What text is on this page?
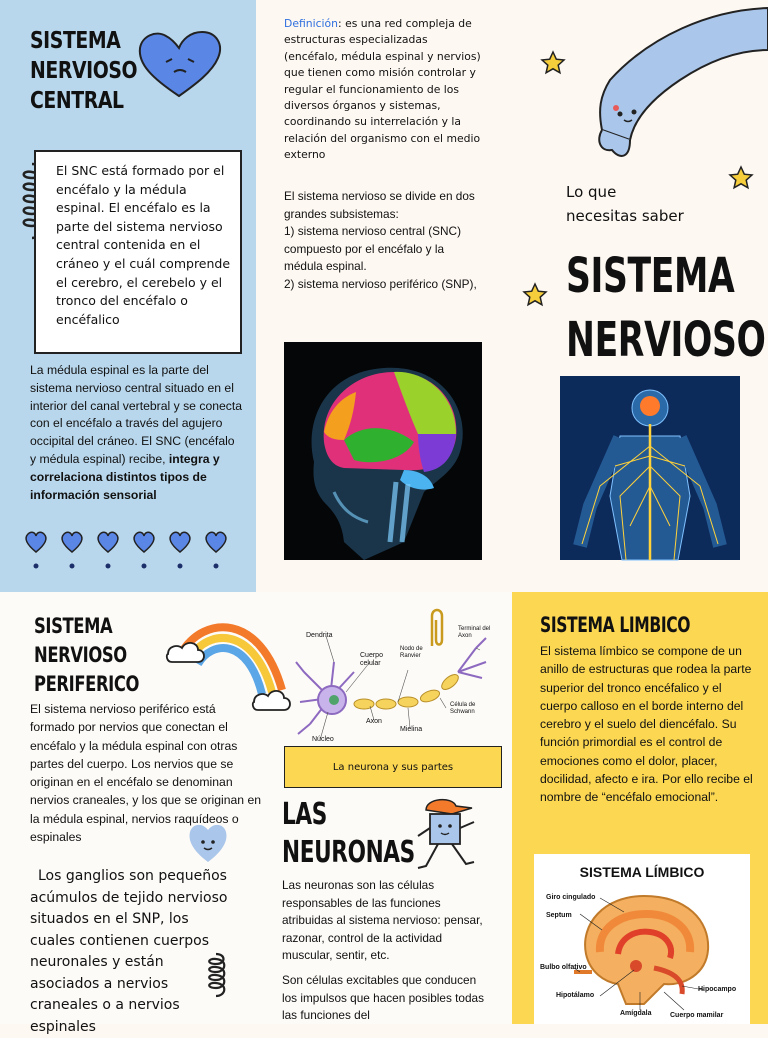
SISTEMA
NERVIOSO
CENTRAL
El SNC está formado por el encéfalo y la médula espinal. El encéfalo es la parte del sistema nervioso central contenida en el cráneo y el cuál comprende el cerebro, el cerebelo y el tronco del encéfalo o encéfalico
La médula espinal es la parte del sistema nervioso central situado en el interior del canal vertebral y se conecta con el encéfalo a través del agujero occipital del cráneo. El SNC (encéfalo y médula espinal) recibe, integra y correlaciona distintos tipos de información sensorial
Definición: es una red compleja de estructuras especializadas (encéfalo, médula espinal y nervios) que tienen como misión controlar y regular el funcionamiento de los diversos órganos y sistemas, coordinando su interrelación y la relación del organismo con el medio externo
El sistema nervioso se divide en dos grandes subsistemas:
1) sistema nervioso central (SNC) compuesto por el encéfalo y la médula espinal.
2) sistema nervioso periférico (SNP),
Lo que
necesitas saber
SISTEMA
NERVIOSO
SISTEMA
NERVIOSO
PERIFERICO
El sistema nervioso periférico está formado por nervios que conectan el encéfalo y la médula espinal con otras partes del cuerpo. Los nervios que se originan en el encéfalo se denominan nervios craneales, y los que se originan en la médula espinal, nervios raquídeos o espinales
Los ganglios son pequeños acúmulos de tejido nervioso situados en el SNP, los cuales contienen cuerpos neuronales y están asociados a nervios craneales o a nervios espinales
Dendrita
Cuerpo celular
Nodo de Ranvier
Terminal del Axon
Axon
Célula de Schwann
Mielina
Núcleo
La neurona y sus partes
LAS
NEURONAS
Las neuronas son las células responsables de las funciones atribuidas al sistema nervioso: pensar, razonar, control de la actividad muscular, sentir, etc.
Son células excitables que conducen los impulsos que hacen posibles todas las funciones del
SISTEMA LIMBICO
El sistema límbico se compone de un anillo de estructuras que rodea la parte superior del tronco encéfalico y el cuerpo calloso en el borde interno del cerebro y el suelo del diencéfalo. Su función primordial es el control de emociones como el dolor, placer, docilidad, afecto e ira. Por ello recibe el nombre de “encéfalo emocional”.
SISTEMA LÍMBICO
Giro cingulado
Septum
Bulbo olfativo
Hipotálamo
Amígdala	Cuerpo mamilar
Hipocampo
